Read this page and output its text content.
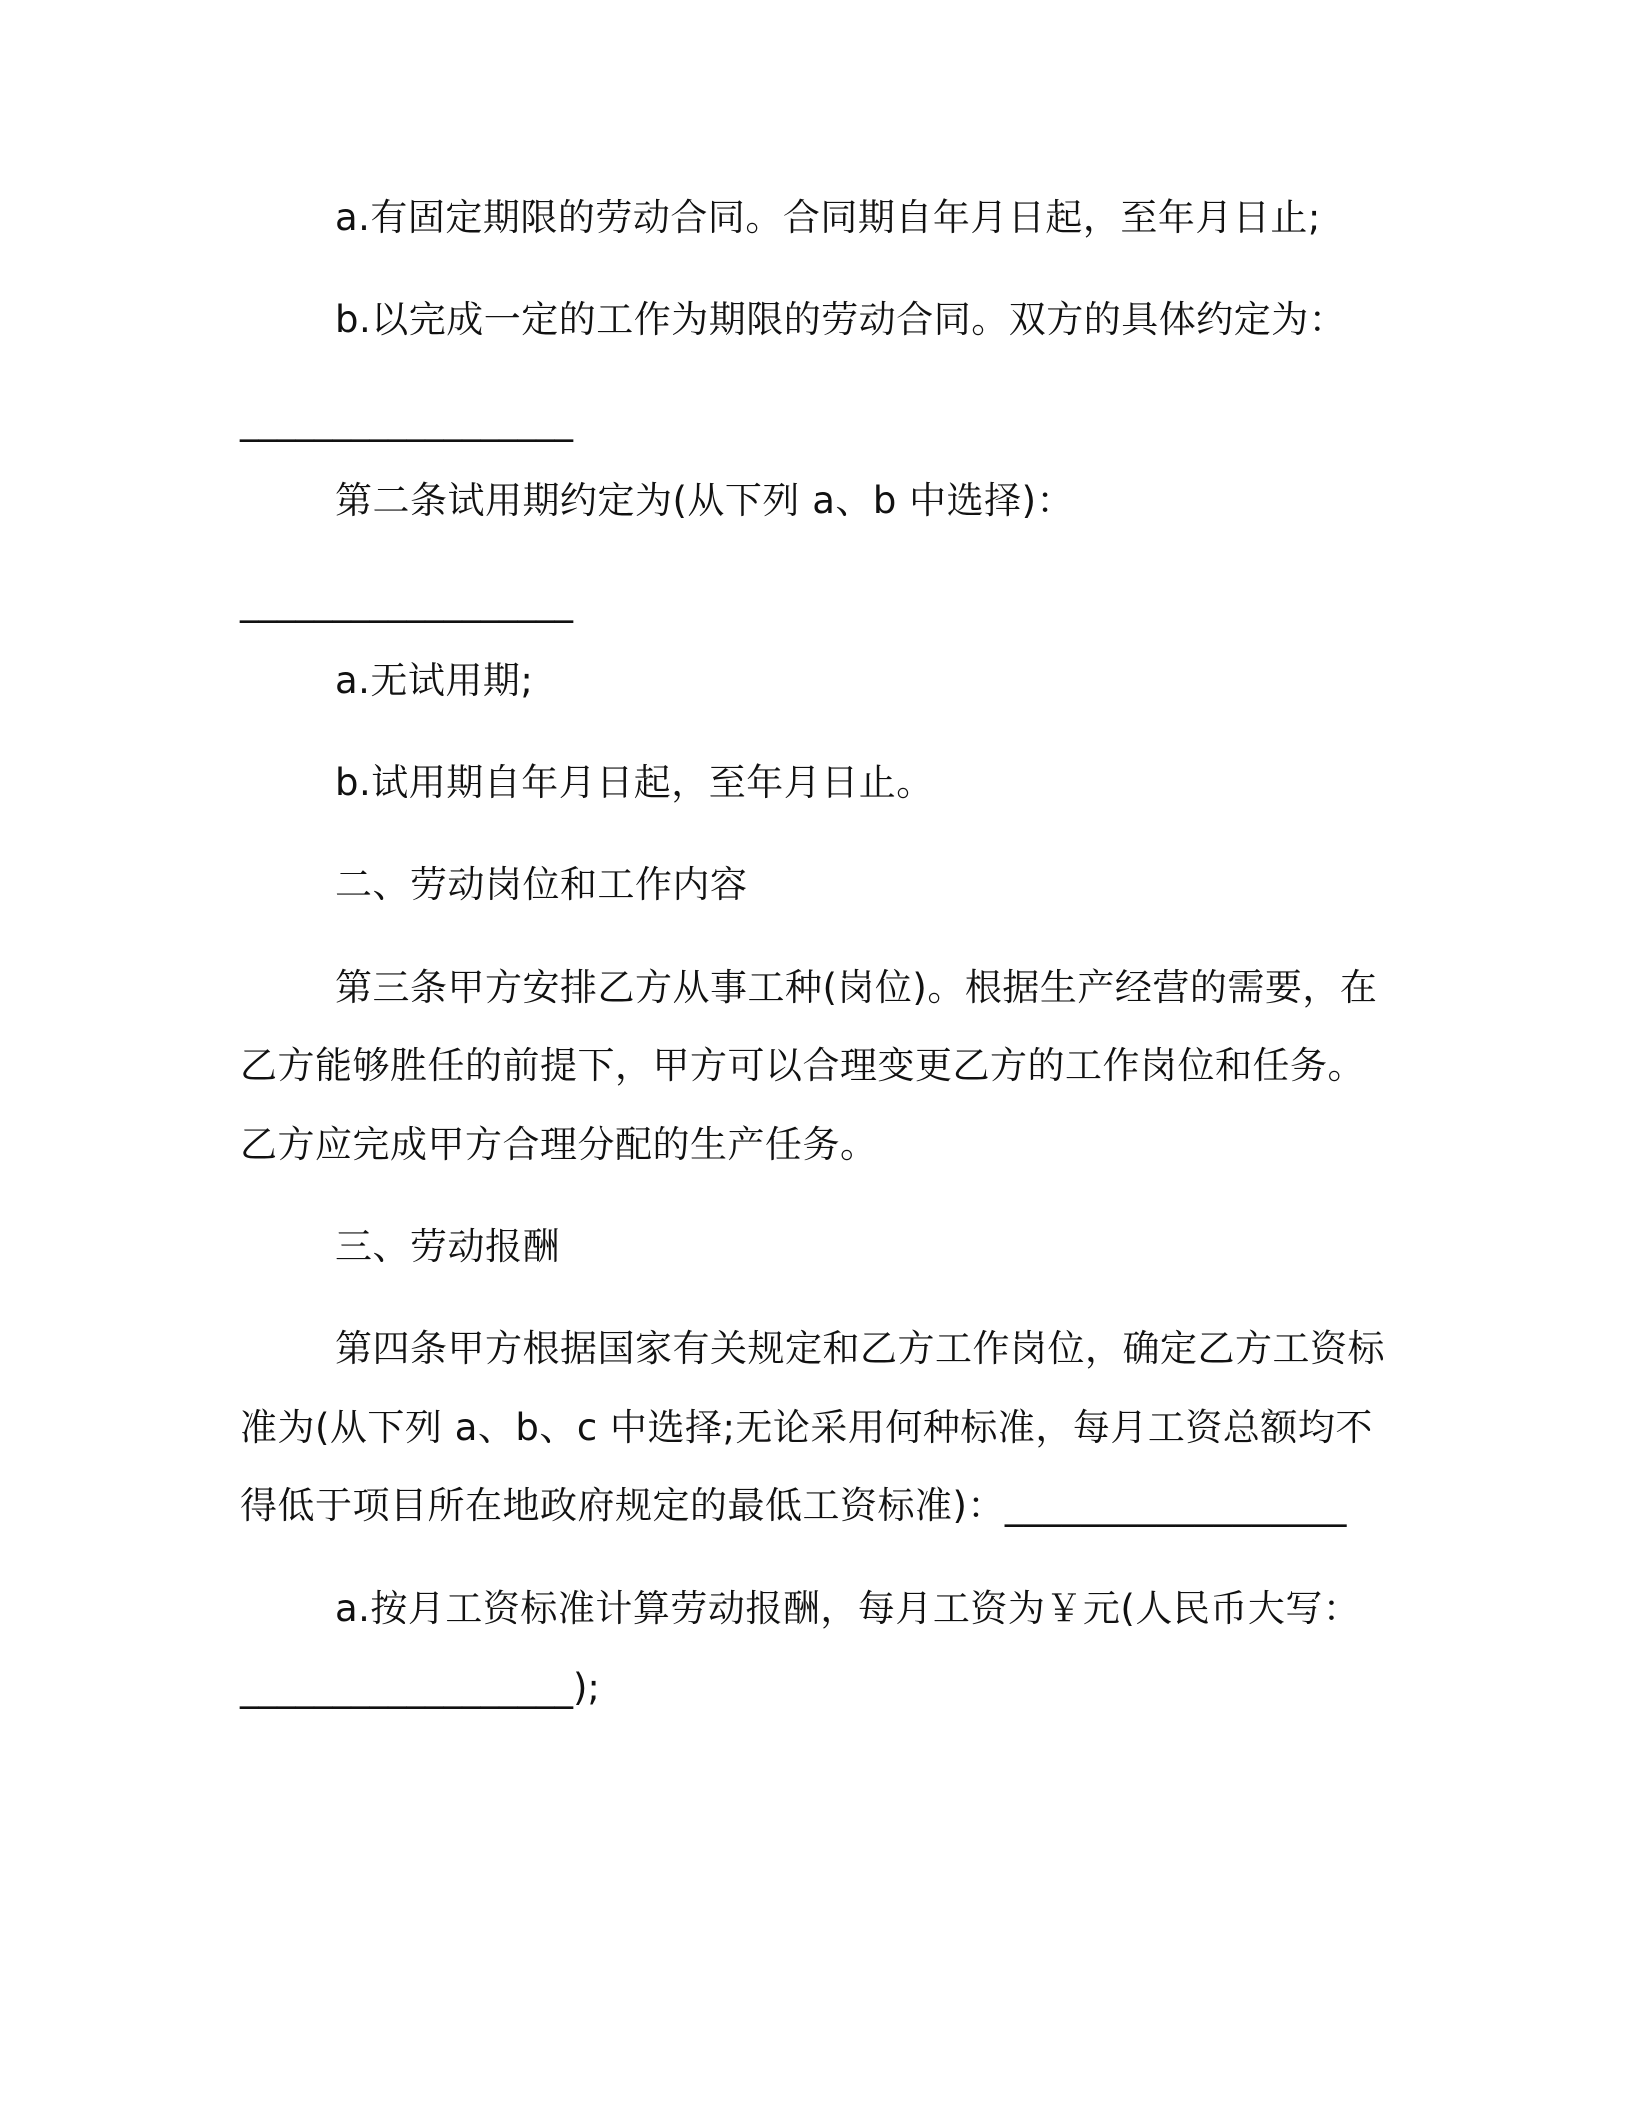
a.有固定期限的劳动合同。合同期自年月日起，至年月日止;
b.以完成一定的工作为期限的劳动合同。双方的具体约定为：
__________________
第二条试用期约定为(从下列 a、b 中选择)：
__________________
a.无试用期;
b.试用期自年月日起，至年月日止。
二、劳动岗位和工作内容
第三条甲方安排乙方从事工种(岗位)。根据生产经营的需要，在
乙方能够胜任的前提下，甲方可以合理变更乙方的工作岗位和任务。
乙方应完成甲方合理分配的生产任务。
三、劳动报酬
第四条甲方根据国家有关规定和乙方工作岗位，确定乙方工资标
准为(从下列 a、b、c 中选择;无论采用何种标准，每月工资总额均不
得低于项目所在地政府规定的最低工资标准)：__________________
a.按月工资标准计算劳动报酬，每月工资为￥元(人民币大写：
__________________);
